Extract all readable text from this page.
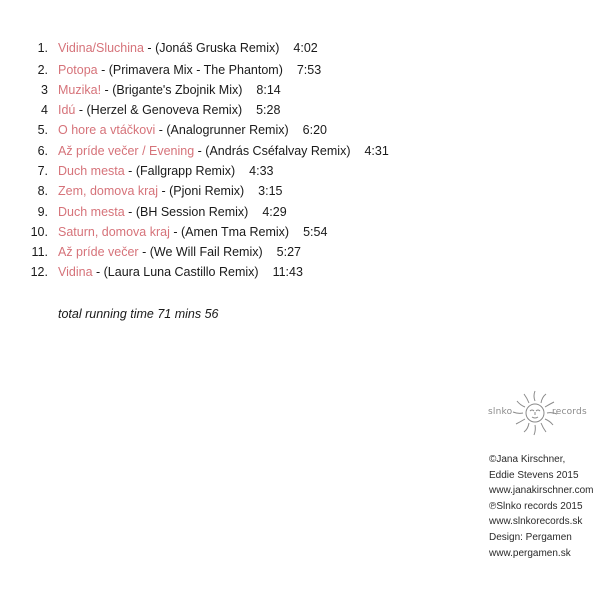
1. Vidina/Sluchina - (Jonáš Gruska Remix) 4:02
2. Potopa - (Primavera Mix - The Phantom) 7:53
3 Muzika! - (Brigante's Zbojnik Mix) 8:14
4 Idú - (Herzel & Genoveva Remix) 5:28
5. O hore a vtáčkovi - (Analogrunner Remix) 6:20
6. Až príde večer / Evening - (András Cséfalvay Remix) 4:31
7. Duch mesta - (Fallgrapp Remix) 4:33
8. Zem, domova kraj - (Pjoni Remix) 3:15
9. Duch mesta - (BH Session Remix) 4:29
10. Saturn, domova kraj - (Amen Tma Remix) 5:54
11. Až príde večer - (We Will Fail Remix) 5:27
12. Vidina - (Laura Luna Castillo Remix) 11:43
total running time 71 mins 56
slnko	records
©Jana Kirschner,
Eddie Stevens 2015
www.janakirschner.com
℗Slnko records 2015
www.slnkorecords.sk
Design: Pergamen
www.pergamen.sk
